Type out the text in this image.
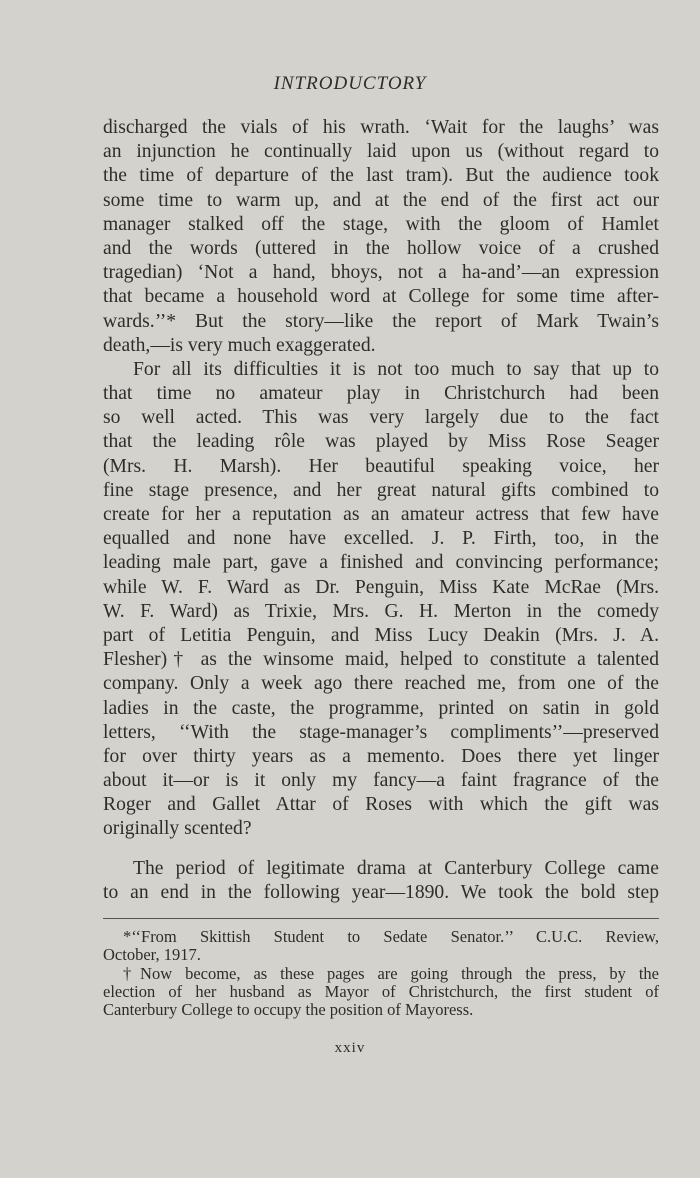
INTRODUCTORY
discharged the vials of his wrath. ‘Wait for the laughs’ was
an injunction he continually laid upon us (without regard to
the time of departure of the last tram). But the audience took
some time to warm up, and at the end of the first act our
manager stalked off the stage, with the gloom of Hamlet
and the words (uttered in the hollow voice of a crushed
tragedian) ‘Not a hand, bhoys, not a ha-and’—an expression
that became a household word at College for some time after-
wards.’’* But the story—like the report of Mark Twain’s
death,—is very much exaggerated.
For all its difficulties it is not too much to say that up to
that time no amateur play in Christchurch had been
so well acted. This was very largely due to the fact
that the leading rôle was played by Miss Rose Seager
(Mrs. H. Marsh). Her beautiful speaking voice, her
fine stage presence, and her great natural gifts combined to
create for her a reputation as an amateur actress that few have
equalled and none have excelled. J. P. Firth, too, in the
leading male part, gave a finished and convincing performance;
while W. F. Ward as Dr. Penguin, Miss Kate McRae (Mrs.
W. F. Ward) as Trixie, Mrs. G. H. Merton in the comedy
part of Letitia Penguin, and Miss Lucy Deakin (Mrs. J. A.
Flesher)† as the winsome maid, helped to constitute a talented
company. Only a week ago there reached me, from one of the
ladies in the caste, the programme, printed on satin in gold
letters, ‘‘With the stage-manager’s compliments’’—preserved
for over thirty years as a memento. Does there yet linger
about it—or is it only my fancy—a faint fragrance of the
Roger and Gallet Attar of Roses with which the gift was
originally scented?
The period of legitimate drama at Canterbury College came
to an end in the following year—1890. We took the bold step
*‘‘From Skittish Student to Sedate Senator.’’ C.U.C. Review,
October, 1917.
†Now become, as these pages are going through the press, by the
election of her husband as Mayor of Christchurch, the first student of
Canterbury College to occupy the position of Mayoress.
xxiv
